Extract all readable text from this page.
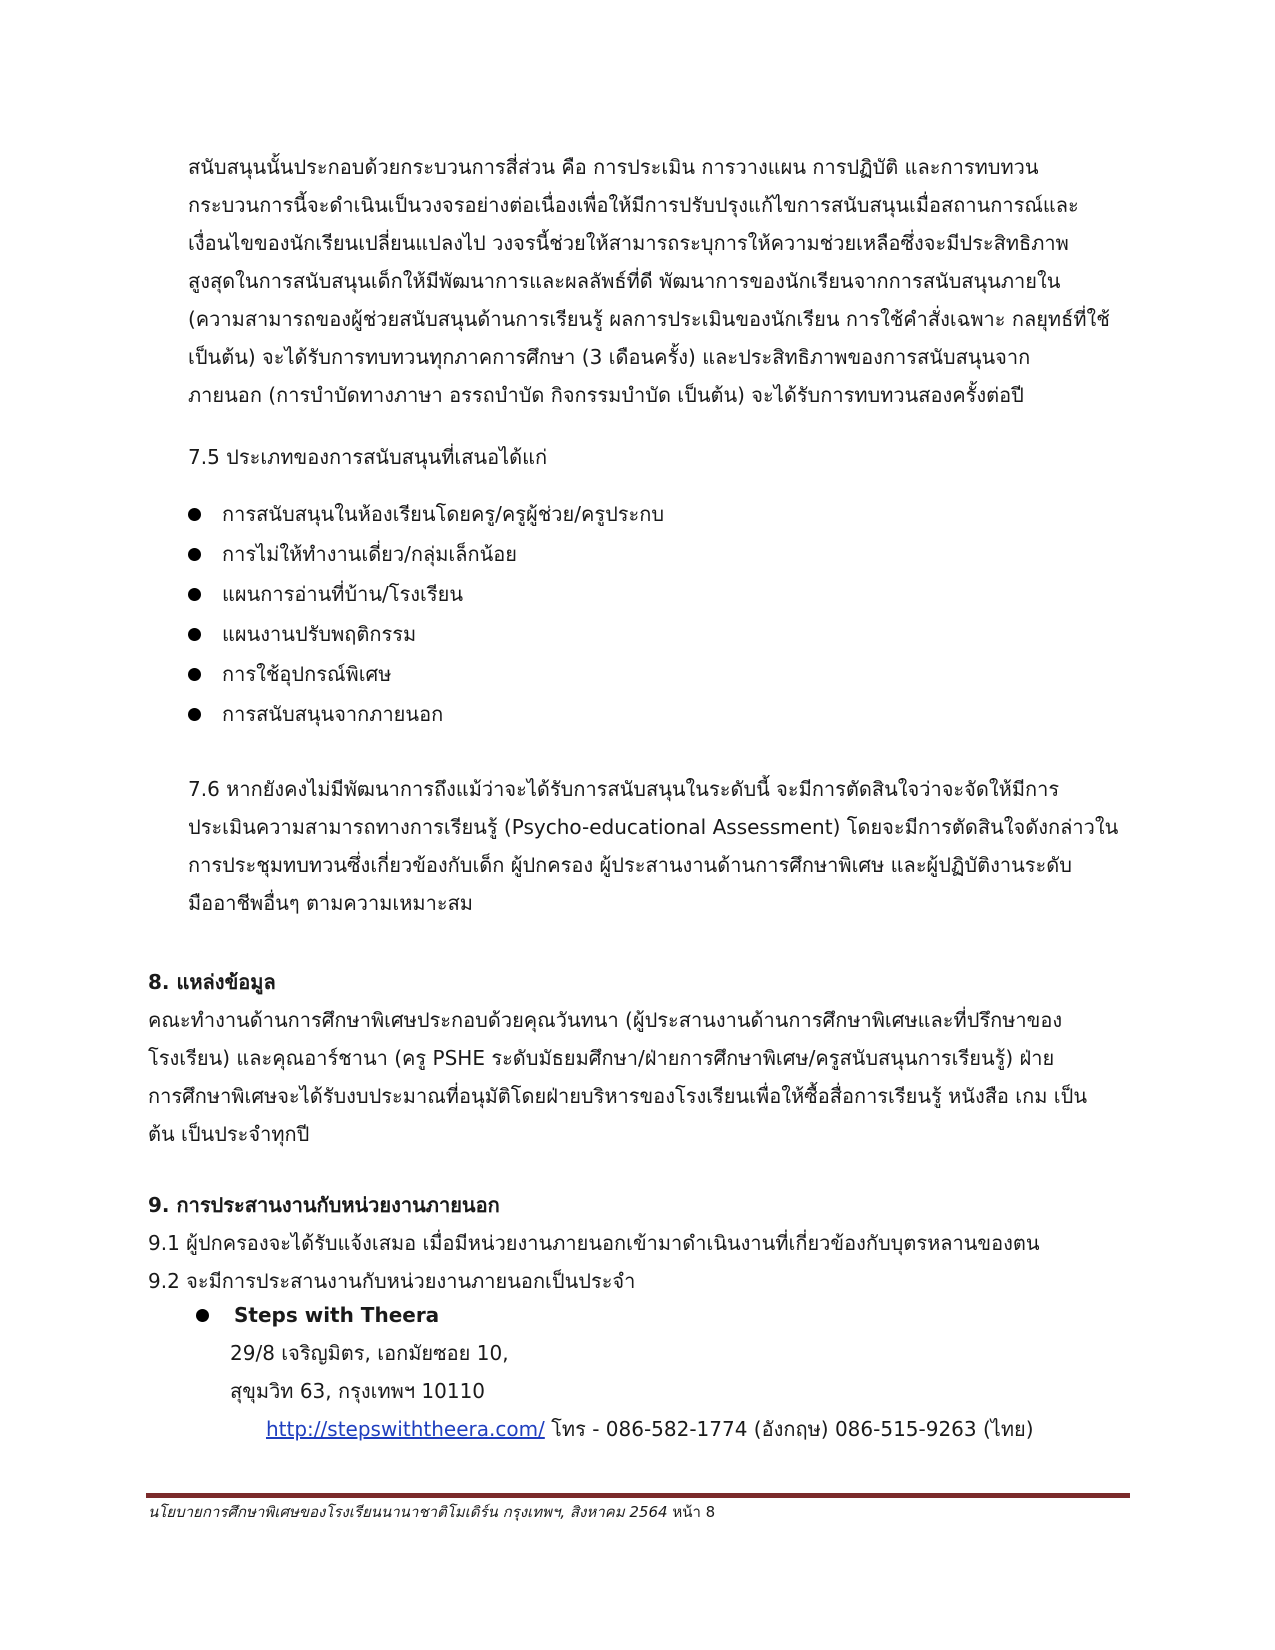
สนับสนุนนั้นประกอบด้วยกระบวนการสี่ส่วน คือ การประเมิน การวางแผน การปฏิบัติ และการทบทวน

กระบวนการนี้จะดำเนินเป็นวงจรอย่างต่อเนื่องเพื่อให้มีการปรับปรุงแก้ไขการสนับสนุนเมื่อสถานการณ์และ

เงื่อนไขของนักเรียนเปลี่ยนแปลงไป วงจรนี้ช่วยให้สามารถระบุการให้ความช่วยเหลือซึ่งจะมีประสิทธิภาพ

สูงสุดในการสนับสนุนเด็กให้มีพัฒนาการและผลลัพธ์ที่ดี พัฒนาการของนักเรียนจากการสนับสนุนภายใน

(ความสามารถของผู้ช่วยสนับสนุนด้านการเรียนรู้ ผลการประเมินของนักเรียน การใช้คำสั่งเฉพาะ กลยุทธ์ที่ใช้

เป็นต้น) จะได้รับการทบทวนทุกภาคการศึกษา (3 เดือนครั้ง) และประสิทธิภาพของการสนับสนุนจาก

ภายนอก (การบำบัดทางภาษา อรรถบำบัด กิจกรรมบำบัด เป็นต้น) จะได้รับการทบทวนสองครั้งต่อปี

7.5 ประเภทของการสนับสนุนที่เสนอได้แก่

การสนับสนุนในห้องเรียนโดยครู/ครูผู้ช่วย/ครูประกบ
การไม่ให้ทำงานเดี่ยว/กลุ่มเล็กน้อย
แผนการอ่านที่บ้าน/โรงเรียน
แผนงานปรับพฤติกรรม
การใช้อุปกรณ์พิเศษ
การสนับสนุนจากภายนอก

7.6 หากยังคงไม่มีพัฒนาการถึงแม้ว่าจะได้รับการสนับสนุนในระดับนี้ จะมีการตัดสินใจว่าจะจัดให้มีการ

ประเมินความสามารถทางการเรียนรู้ (Psycho-educational Assessment) โดยจะมีการตัดสินใจดังกล่าวใน

การประชุมทบทวนซึ่งเกี่ยวข้องกับเด็ก ผู้ปกครอง ผู้ประสานงานด้านการศึกษาพิเศษ และผู้ปฏิบัติงานระดับ

มืออาชีพอื่นๆ ตามความเหมาะสม

8. แหล่งข้อมูล

คณะทำงานด้านการศึกษาพิเศษประกอบด้วยคุณวันทนา (ผู้ประสานงานด้านการศึกษาพิเศษและที่ปรึกษาของ

โรงเรียน) และคุณอาร์ชานา (ครู PSHE ระดับมัธยมศึกษา/ฝ่ายการศึกษาพิเศษ/ครูสนับสนุนการเรียนรู้) ฝ่าย

การศึกษาพิเศษจะได้รับงบประมาณที่อนุมัติโดยฝ่ายบริหารของโรงเรียนเพื่อให้ซื้อสื่อการเรียนรู้ หนังสือ เกม เป็น

ต้น เป็นประจำทุกปี

9. การประสานงานกับหน่วยงานภายนอก

9.1 ผู้ปกครองจะได้รับแจ้งเสมอ เมื่อมีหน่วยงานภายนอกเข้ามาดำเนินงานที่เกี่ยวข้องกับบุตรหลานของตน

9.2 จะมีการประสานงานกับหน่วยงานภายนอกเป็นประจำ

Steps with Theera
29/8 เจริญมิตร, เอกมัยซอย 10,
สุขุมวิท 63, กรุงเทพฯ 10110
http://stepswiththeera.com/ โทร - 086-582-1774 (อังกฤษ) 086-515-9263 (ไทย)
นโยบายการศึกษาพิเศษของโรงเรียนนานาชาติโมเดิร์น กรุงเทพฯ, สิงหาคม 2564 หน้า 8
